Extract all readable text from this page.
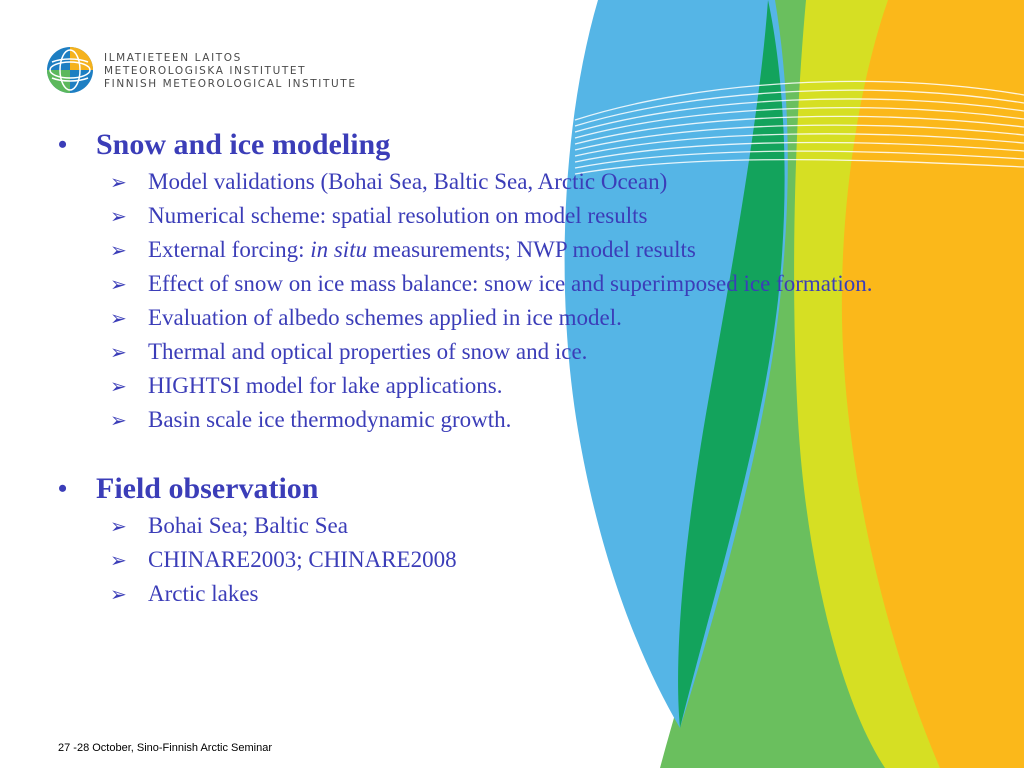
ILMATIETEEN LAITOS
METEOROLOGISKA INSTITUTET
FINNISH METEOROLOGICAL INSTITUTE
• Snow and ice modeling
➢ Model validations (Bohai Sea, Baltic Sea, Arctic Ocean)
➢ Numerical scheme: spatial resolution on model results
➢ External forcing: in situ measurements; NWP model results
➢ Effect of snow on ice mass balance: snow ice and superimposed ice formation.
➢ Evaluation of albedo schemes applied in ice model.
➢ Thermal and optical properties of snow and ice.
➢ HIGHTSI model for lake applications.
➢ Basin scale ice thermodynamic growth.
• Field observation
➢ Bohai Sea; Baltic Sea
➢ CHINARE2003; CHINARE2008
➢ Arctic lakes
27 -28 October, Sino-Finnish Arctic Seminar
